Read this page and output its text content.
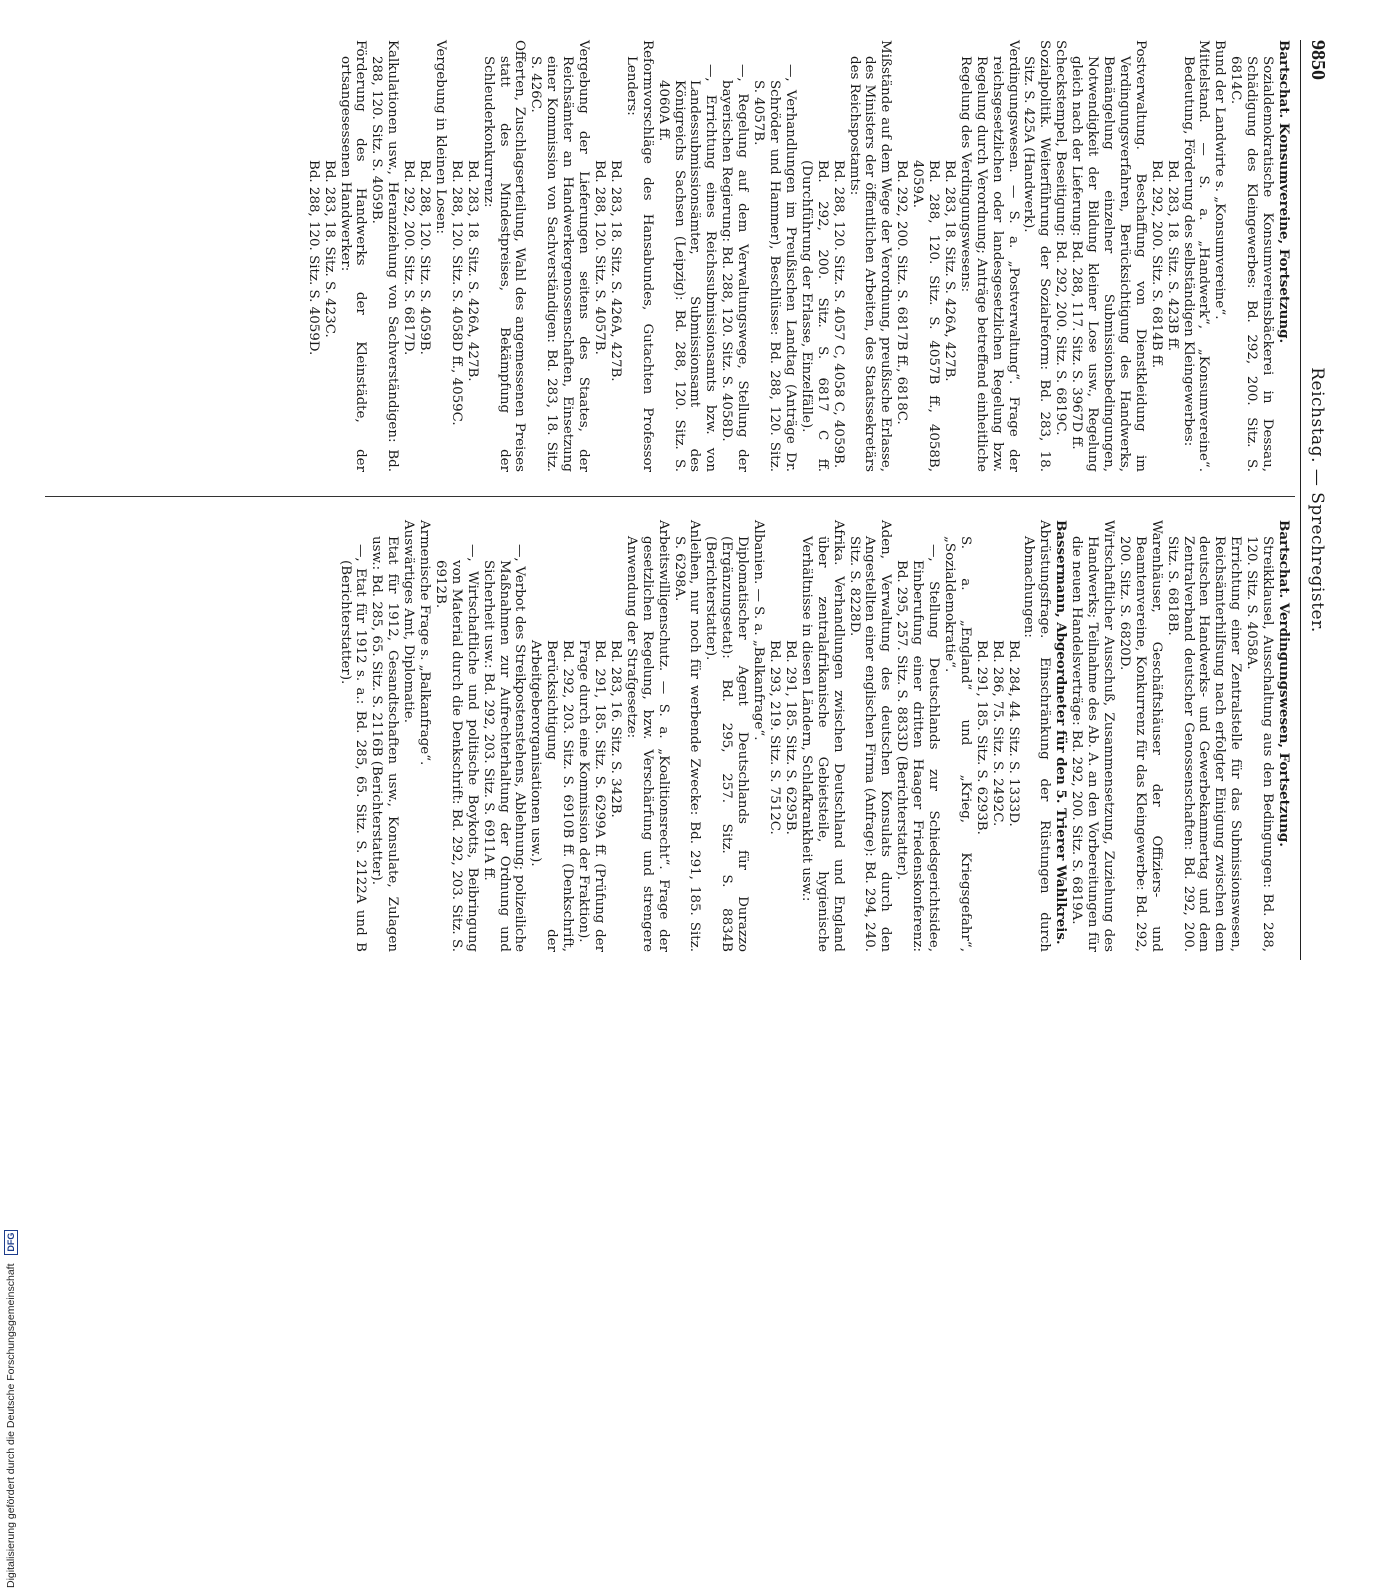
9850
Reichstag. — Sprechregister.

Bartschat. Konsumvereine, Fortsetzung.

Sozialdemokratische Konsumvereinsbäckerei in Dessau, Schädigung des Kleingewerbes: Bd. 292, 200. Sitz. S. 6814C.

Bund der Landwirte s. „Konsumvereine“.

Mittelstand. — S. a. „Handwerk“, „Konsumvereine“. Bedeutung, Förderung des selbständigen Kleingewerbes:

Bd. 283, 18. Sitz. S. 423B ff.

Bd. 292, 200. Sitz. S. 6814B ff.

Postverwaltung. Beschaffung von Dienstkleidung im Verdingungsverfahren, Berücksichtigung des Handwerks, Bemängelung einzelner Submissionsbedingungen, Notwendigkeit der Bildung kleiner Lose usw., Regelung gleich nach der Lieferung: Bd. 288, 117. Sitz. S. 3967D ff.

Scheckstempel, Beseitigung: Bd. 292, 200. Sitz. S. 6819C.

Sozialpolitik. Weiterführung der Sozialreform: Bd. 283, 18. Sitz. S. 425A (Handwerk).

Verdingungswesen. — S. a. „Postverwaltung“. Frage der reichsgesetzlichen oder landesgesetzlichen Regelung bzw. Regelung durch Verordnung; Anträge betreffend einheitliche Regelung des Verdingungswesens:

Bd. 283, 18. Sitz. S. 426A, 427B.

Bd. 288, 120. Sitz. S. 4057B ff., 4058B, 4059A.

Bd. 292, 200. Sitz. S. 6817B ff., 6818C.

Mißstände auf dem Wege der Verordnung, preußische Erlasse, des Ministers der öffentlichen Arbeiten, des Staatssekretärs des Reichspostamts:

Bd. 288, 120. Sitz. S. 4057 C, 4058 C, 4059B.

Bd. 292, 200. Sitz. S. 6817 C ff. (Durchführung der Erlasse, Einzelfälle).

—, Verhandlungen im Preußischen Landtag (Anträge Dr. Schröder und Hammer), Beschlüsse: Bd. 288, 120. Sitz. S. 4057B.

—, Regelung auf dem Verwaltungswege, Stellung der bayerischen Regierung: Bd. 288, 120. Sitz. S. 4058D.

—, Errichtung eines Reichssubmissionsamts bzw. von Landessubmissionsämter, Submissionsamt des Königreichs Sachsen (Leipzig): Bd. 288, 120. Sitz. S. 4060A ff.

Reformvorschläge des Hansabundes, Gutachten Professor Lenders:

Bd. 283, 18. Sitz. S. 426A, 427B.

Bd. 288, 120. Sitz. S. 4057B.

Vergebung der Lieferungen seitens des Staates, der Reichsämter an Handwerkergenossenschaften, Einsetzung einer Kommission von Sachverständigen: Bd. 283, 18. Sitz. S. 426C.

Offerten, Zuschlagserteilung, Wahl des angemessenen Preises statt des Mindestpreises, Bekämpfung der Schleuderkonkurrenz:

Bd. 283, 18. Sitz. S. 426A, 427B.

Bd. 288, 120. Sitz. S. 4058D ff., 4059C.

Vergebung in kleinen Losen:

Bd. 288, 120. Sitz. S. 4059B.

Bd. 292, 200. Sitz. S. 6817D.

Kalkulationen usw., Heranziehung von Sachverständigen: Bd. 288, 120. Sitz. S. 4059B.

Förderung des Handwerks der Kleinstädte, der ortsangesessenen Handwerker:

Bd. 283, 18. Sitz. S. 423C.

Bd. 288, 120. Sitz. S. 4059D.

Bartschat. Verdingungswesen, Fortsetzung.

Streikklausel, Ausschaltung aus den Bedingungen: Bd. 288, 120. Sitz. S. 4058A.

Errichtung einer Zentralstelle für das Submissionswesen, Reichsämterhilfsung nach erfolgter Einigung zwischen dem deutschen Handwerks- und Gewerbekammertag und dem Zentralverband deutscher Genossenschaften: Bd. 292, 200. Sitz. S. 6818B.

Warenhäuser, Geschäftshäuser der Offiziers- und Beamtenvereine, Konkurrenz für das Kleingewerbe: Bd. 292, 200. Sitz. S. 6820D.

Wirtschaftlicher Ausschuß, Zusammensetzung, Zuziehung des Handwerks; Teilnahme des Ab. A. an den Vorbereitungen für die neuen Handelsverträge: Bd. 292, 200. Sitz. S. 6819A.

Bassermann, Abgeordneter für den 5. Trierer Wahlkreis.

Abrüstungsfrage. Einschränkung der Rüstungen durch Abmachungen:

Bd. 284, 44. Sitz. S. 1333D.

Bd. 286, 75. Sitz. S. 2492C.

Bd. 291, 185. Sitz. S. 6293B.

S. a. „England“ und „Krieg, Kriegsgefahr“, „Sozialdemokratie“.

—, Stellung Deutschlands zur Schiedsgerichtsidee, Einberufung einer dritten Haager Friedenskonferenz: Bd. 295, 257. Sitz. S. 8833D (Berichterstatter).

Aden, Verwaltung des deutschen Konsulats durch den Angestellten einer englischen Firma (Anfrage): Bd. 294, 240. Sitz. S. 8228D.

Afrika. Verhandlungen zwischen Deutschland und England über zentralafrikanische Gebietsteile, hygienische Verhältnisse in diesen Ländern, Schlafkrankheit usw.:

Bd. 291, 185. Sitz. S. 6295B.

Bd. 293, 219. Sitz. S. 7512C.

Albanien. — S. a. „Balkanfrage“.

Diplomatischer Agent Deutschlands für Durazzo (Ergänzungsetat): Bd. 295, 257. Sitz. S. 8834B (Berichterstatter).

Anleihen, nur noch für werbende Zwecke: Bd. 291, 185. Sitz. S. 6298A.

Arbeitswilligenschutz. — S. a. „Koalitionsrecht“. Frage der gesetzlichen Regelung, bzw. Verschärfung und strengere Anwendung der Strafgesetze:

Bd. 283, 16. Sitz. S. 342B.

Bd. 291, 185. Sitz. S. 6299A ff. (Prüfung der Frage durch eine Kommission der Fraktion).

Bd. 292, 203. Sitz. S. 6910B ff. (Denkschrift, Berücksichtigung der Arbeitgeberorganisationen usw.).

—, Verbot des Streikpostenstehens, Ablehnung; polizeiliche Maßnahmen zur Aufrechterhaltung der Ordnung und Sicherheit usw.: Bd. 292, 203. Sitz. S. 6911A ff.

—, Wirtschaftliche und politische Boykotts, Beibringung von Material durch die Denkschrift: Bd. 292, 203. Sitz. S. 6912B.

Armenische Frage s. „Balkanfrage“.

Auswärtiges Amt, Diplomatie.

Etat für 1912, Gesandtschaften usw., Konsulate, Zulagen usw.: Bd. 285, 65. Sitz. S. 2116B (Berichterstatter).

—, Etat für 1912 s. a.: Bd. 285, 65. Sitz. S. 2122A und B (Berichterstatter).

Digitalisierung gefördert durch die Deutsche Forschungsgemeinschaft DFG
